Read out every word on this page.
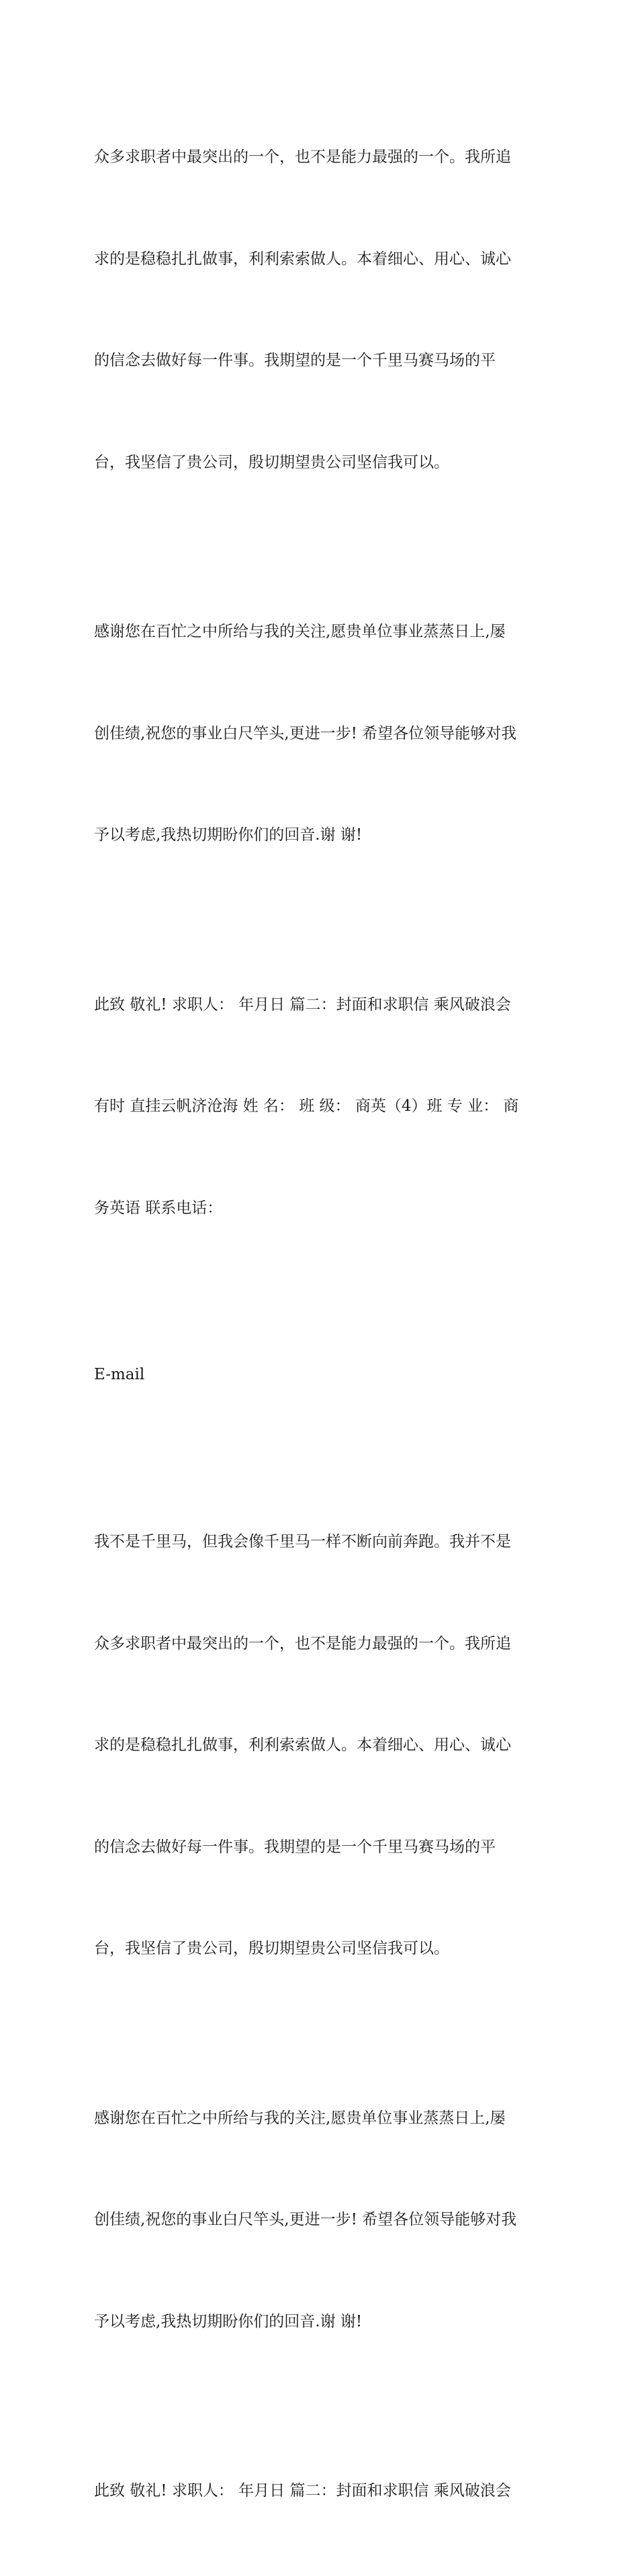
众多求职者中最突出的一个，也不是能力最强的一个。我所追

求的是稳稳扎扎做事，利利索索做人。本着细心、用心、诚心

的信念去做好每一件事。我期望的是一个千里马赛马场的平

台，我坚信了贵公司，殷切期望贵公司坚信我可以。

感谢您在百忙之中所给与我的关注,愿贵单位事业蒸蒸日上,屡

创佳绩,祝您的事业白尺竿头,更进一步! 希望各位领导能够对我

予以考虑,我热切期盼你们的回音.谢 谢!

此致 敬礼! 求职人： 年月日 篇二：封面和求职信 乘风破浪会

有时 直挂云帆济沧海 姓 名： 班 级： 商英（4）班 专 业： 商

务英语 联系电话：

E-mail

我不是千里马，但我会像千里马一样不断向前奔跑。我并不是

众多求职者中最突出的一个，也不是能力最强的一个。我所追

求的是稳稳扎扎做事，利利索索做人。本着细心、用心、诚心

的信念去做好每一件事。我期望的是一个千里马赛马场的平

台，我坚信了贵公司，殷切期望贵公司坚信我可以。

感谢您在百忙之中所给与我的关注,愿贵单位事业蒸蒸日上,屡

创佳绩,祝您的事业白尺竿头,更进一步! 希望各位领导能够对我

予以考虑,我热切期盼你们的回音.谢 谢!

此致 敬礼! 求职人： 年月日 篇二：封面和求职信 乘风破浪会
